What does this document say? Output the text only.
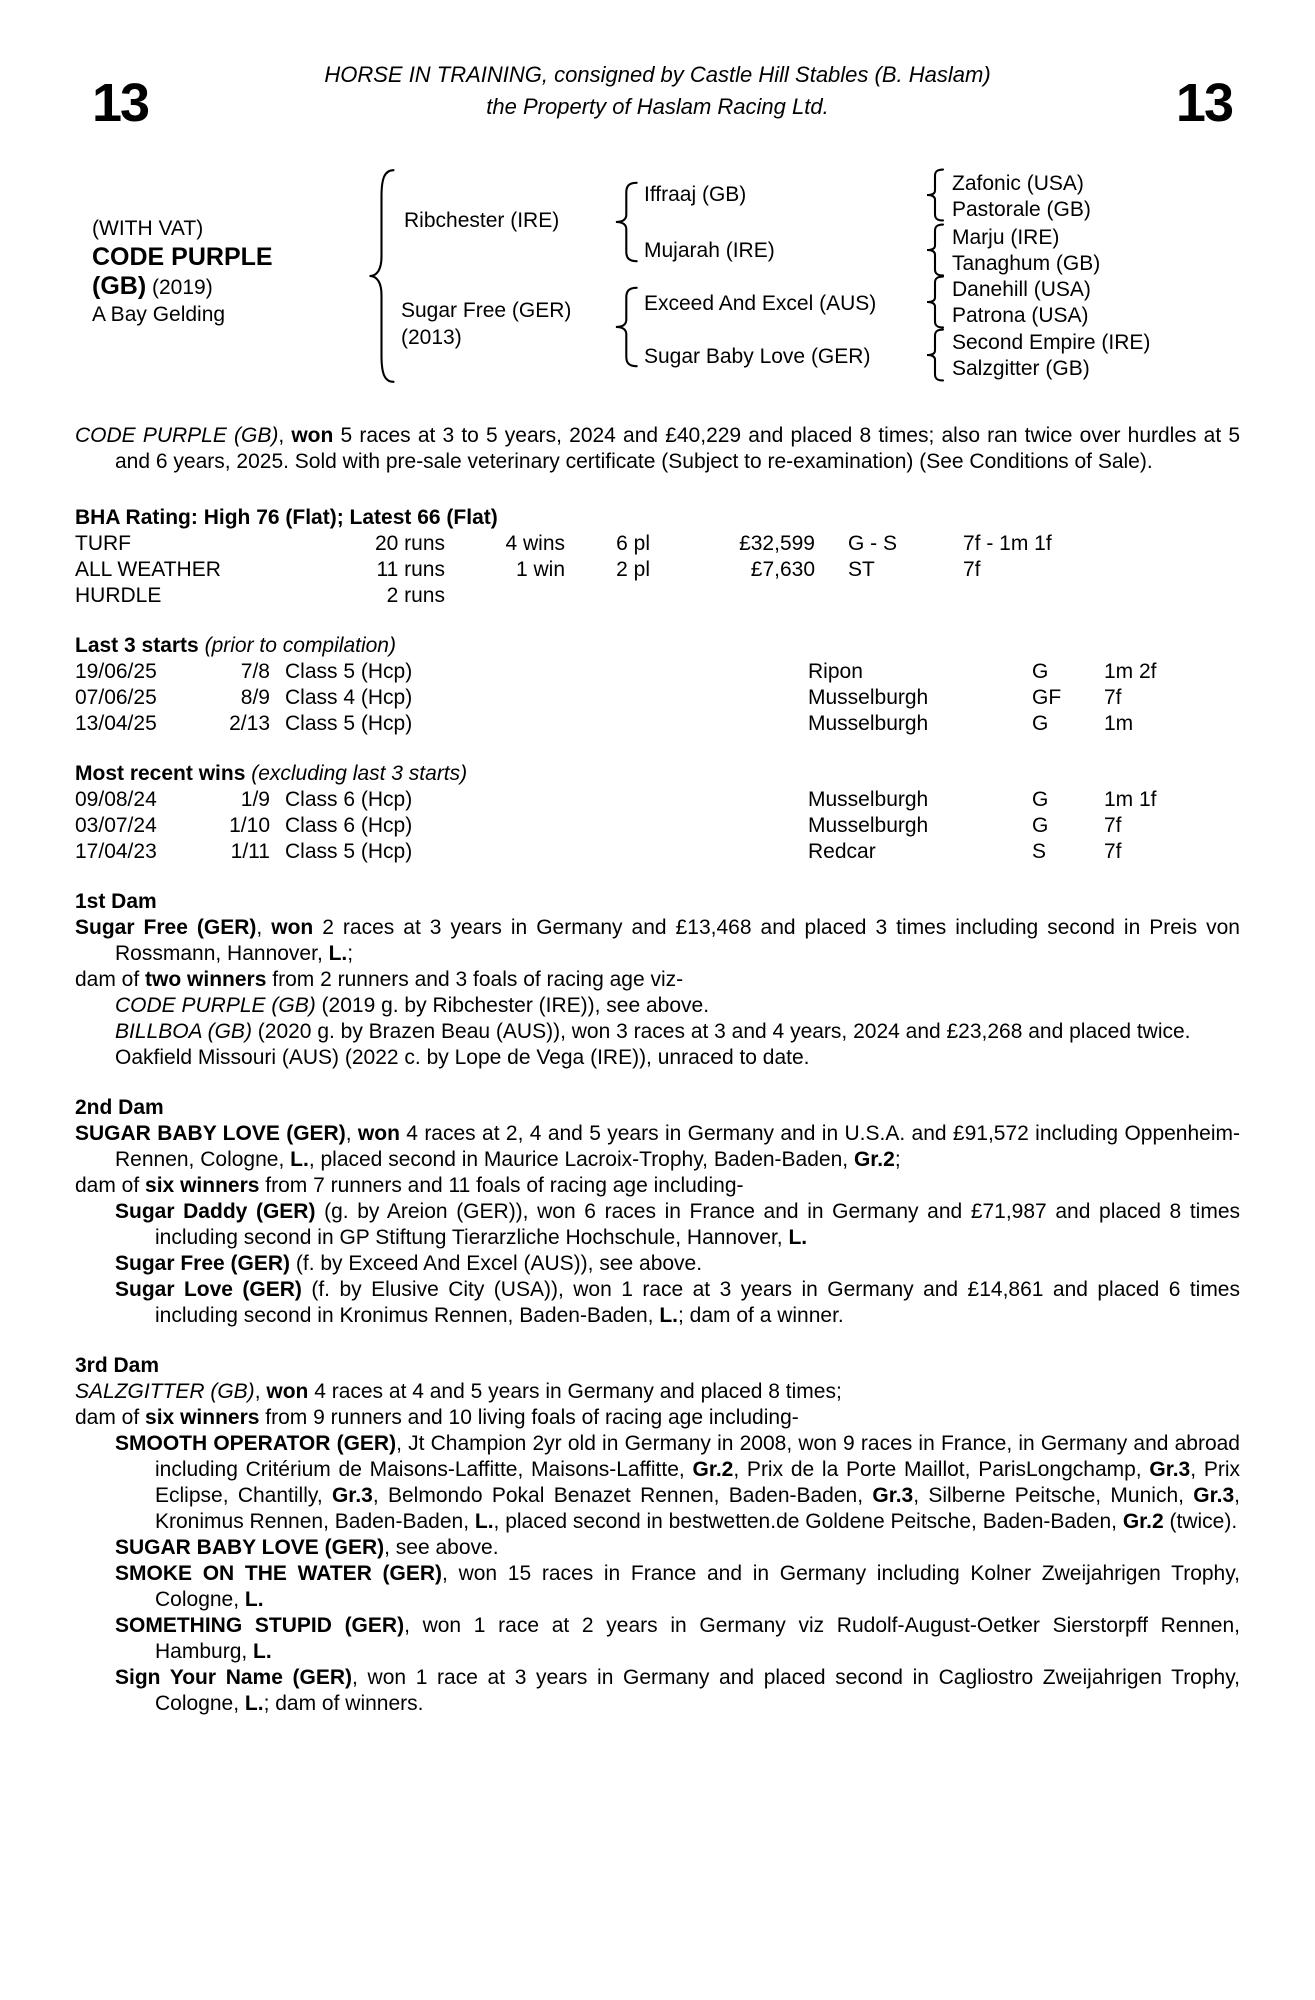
13	13
HORSE IN TRAINING, consigned by Castle Hill Stables (B. Haslam)
the Property of Haslam Racing Ltd.
(WITH VAT)
CODE PURPLE
(GB) (2019)
A Bay Gelding
Ribchester (IRE)
Sugar Free (GER)
(2013)
Iffraaj (GB)
Mujarah (IRE)
Exceed And Excel (AUS)
Sugar Baby Love (GER)
Zafonic (USA)
Pastorale (GB)
Marju (IRE)
Tanaghum (GB)
Danehill (USA)
Patrona (USA)
Second Empire (IRE)
Salzgitter (GB)

CODE PURPLE (GB), won 5 races at 3 to 5 years, 2024 and £40,229 and placed 8 times; also ran twice over hurdles at 5 and 6 years, 2025. Sold with pre-sale veterinary certificate (Subject to re-examination) (See Conditions of Sale).

BHA Rating: High 76 (Flat); Latest 66 (Flat)
TURF	20 runs	4 wins	6 pl	£32,599	G - S	7f - 1m 1f
ALL WEATHER	11 runs	1 win	2 pl	£7,630	ST	7f
HURDLE	2 runs
Last 3 starts (prior to compilation)
19/06/25	7/8 Class 5 (Hcp)	Ripon	G	1m 2f
07/06/25	8/9 Class 4 (Hcp)	Musselburgh	GF	7f
13/04/25	2/13 Class 5 (Hcp)	Musselburgh	G	1m
Most recent wins (excluding last 3 starts)
09/08/24	1/9 Class 6 (Hcp)	Musselburgh	G	1m 1f
03/07/24	1/10 Class 6 (Hcp)	Musselburgh	G	7f
17/04/23	1/11 Class 5 (Hcp)	Redcar	S	7f
1st Dam

Sugar Free (GER), won 2 races at 3 years in Germany and £13,468 and placed 3 times including second in Preis von Rossmann, Hannover, L.;

dam of two winners from 2 runners and 3 foals of racing age viz-

CODE PURPLE (GB) (2019 g. by Ribchester (IRE)), see above.

BILLBOA (GB) (2020 g. by Brazen Beau (AUS)), won 3 races at 3 and 4 years, 2024 and £23,268 and placed twice.

Oakfield Missouri (AUS) (2022 c. by Lope de Vega (IRE)), unraced to date.

2nd Dam

SUGAR BABY LOVE (GER), won 4 races at 2, 4 and 5 years in Germany and in U.S.A. and £91,572 including Oppenheim-Rennen, Cologne, L., placed second in Maurice Lacroix-Trophy, Baden-Baden, Gr.2;

dam of six winners from 7 runners and 11 foals of racing age including-

Sugar Daddy (GER) (g. by Areion (GER)), won 6 races in France and in Germany and £71,987 and placed 8 times including second in GP Stiftung Tierarzliche Hochschule, Hannover, L.

Sugar Free (GER) (f. by Exceed And Excel (AUS)), see above.

Sugar Love (GER) (f. by Elusive City (USA)), won 1 race at 3 years in Germany and £14,861 and placed 6 times including second in Kronimus Rennen, Baden-Baden, L.; dam of a winner.

3rd Dam

SALZGITTER (GB), won 4 races at 4 and 5 years in Germany and placed 8 times;

dam of six winners from 9 runners and 10 living foals of racing age including-

SMOOTH OPERATOR (GER), Jt Champion 2yr old in Germany in 2008, won 9 races in France, in Germany and abroad including Critérium de Maisons-Laffitte, Maisons-Laffitte, Gr.2, Prix de la Porte Maillot, ParisLongchamp, Gr.3, Prix Eclipse, Chantilly, Gr.3, Belmondo Pokal Benazet Rennen, Baden-Baden, Gr.3, Silberne Peitsche, Munich, Gr.3, Kronimus Rennen, Baden-Baden, L., placed second in bestwetten.de Goldene Peitsche, Baden-Baden, Gr.2 (twice).

SUGAR BABY LOVE (GER), see above.

SMOKE ON THE WATER (GER), won 15 races in France and in Germany including Kolner Zweijahrigen Trophy, Cologne, L.

SOMETHING STUPID (GER), won 1 race at 2 years in Germany viz Rudolf-August-Oetker Sierstorpff Rennen, Hamburg, L.

Sign Your Name (GER), won 1 race at 3 years in Germany and placed second in Cagliostro Zweijahrigen Trophy, Cologne, L.; dam of winners.
